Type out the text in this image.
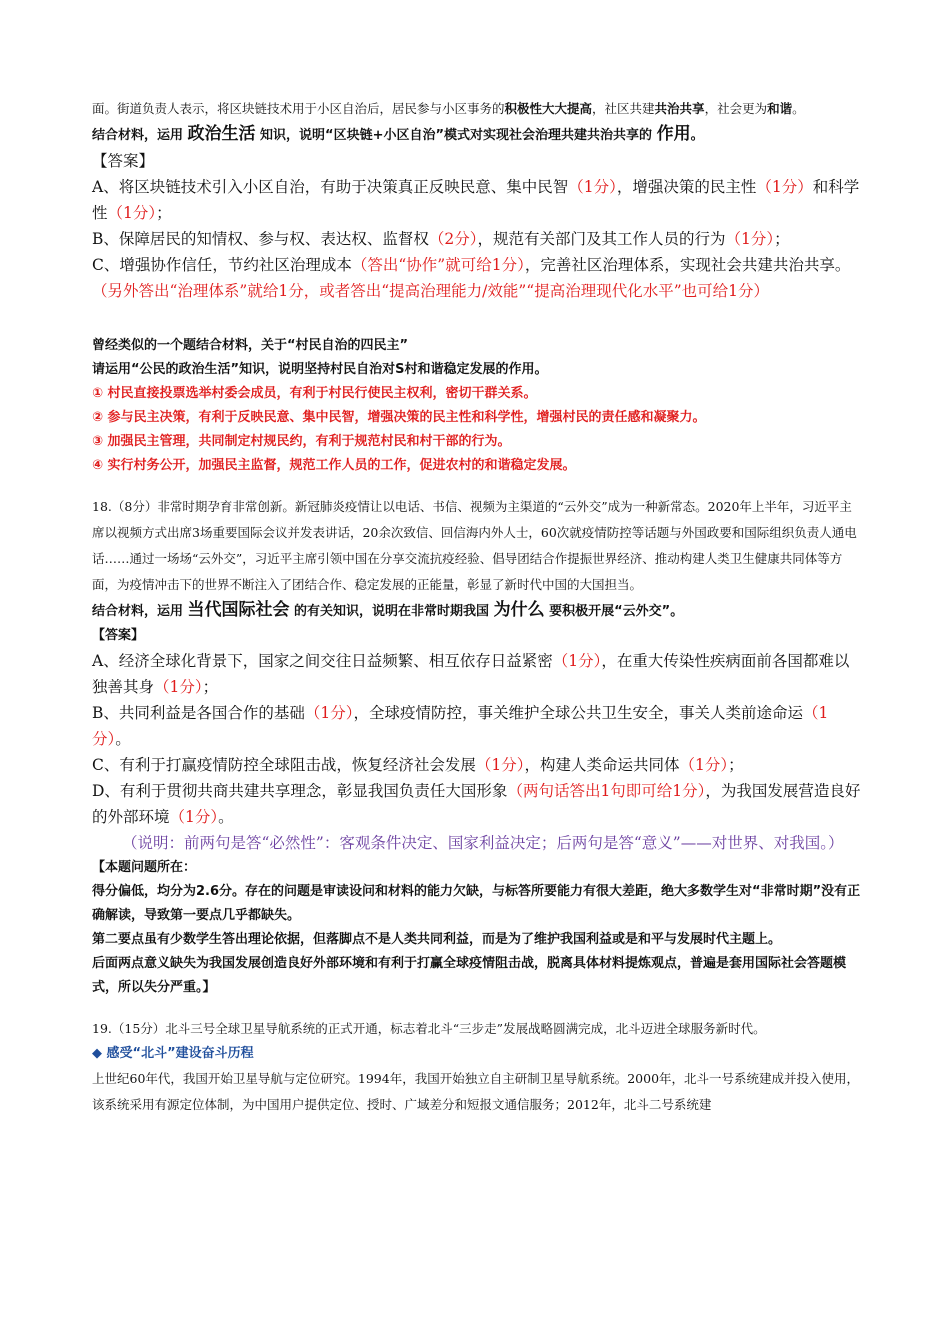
面。街道负责人表示，将区块链技术用于小区自治后，居民参与小区事务的积极性大大提高，社区共建共治共享，社会更为和谐。

结合材料，运用 政治生活 知识，说明“区块链+小区自治”模式对实现社会治理共建共治共享的 作用。

【答案】

A、将区块链技术引入小区自治，有助于决策真正反映民意、集中民智（1分），增强决策的民主性（1分）和科学性（1分）；

B、保障居民的知情权、参与权、表达权、监督权（2分），规范有关部门及其工作人员的行为（1分）；

C、增强协作信任，节约社区治理成本（答出“协作”就可给1分），完善社区治理体系，实现社会共建共治共享。（另外答出“治理体系”就给1分，或者答出“提高治理能力/效能”“提高治理现代化水平”也可给1分）

曾经类似的一个题结合材料，关于“村民自治的四民主”

请运用“公民的政治生活”知识，说明坚持村民自治对S村和谐稳定发展的作用。

① 村民直接投票选举村委会成员，有利于村民行使民主权利，密切干群关系。

② 参与民主决策，有利于反映民意、集中民智，增强决策的民主性和科学性，增强村民的责任感和凝聚力。

③ 加强民主管理，共同制定村规民约，有利于规范村民和村干部的行为。

④ 实行村务公开，加强民主监督，规范工作人员的工作，促进农村的和谐稳定发展。

18.（8分）非常时期孕育非常创新。新冠肺炎疫情让以电话、书信、视频为主渠道的“云外交”成为一种新常态。2020年上半年，习近平主席以视频方式出席3场重要国际会议并发表讲话，20余次致信、回信海内外人士，60次就疫情防控等话题与外国政要和国际组织负责人通电话……通过一场场“云外交”，习近平主席引领中国在分享交流抗疫经验、倡导团结合作提振世界经济、推动构建人类卫生健康共同体等方面，为疫情冲击下的世界不断注入了团结合作、稳定发展的正能量，彰显了新时代中国的大国担当。

结合材料，运用 当代国际社会 的有关知识，说明在非常时期我国 为什么 要积极开展“云外交”。

【答案】

A、经济全球化背景下，国家之间交往日益频繁、相互依存日益紧密（1分），在重大传染性疾病面前各国都难以独善其身（1分）；

B、共同利益是各国合作的基础（1分），全球疫情防控，事关维护全球公共卫生安全，事关人类前途命运（1分）。

C、有利于打赢疫情防控全球阻击战，恢复经济社会发展（1分），构建人类命运共同体（1分）；

D、有利于贯彻共商共建共享理念，彰显我国负责任大国形象（两句话答出1句即可给1分），为我国发展营造良好的外部环境（1分）。

（说明：前两句是答“必然性”：客观条件决定、国家利益决定；后两句是答“意义”——对世界、对我国。）

【本题问题所在：

得分偏低，均分为2.6分。存在的问题是审读设问和材料的能力欠缺，与标答所要能力有很大差距，绝大多数学生对“非常时期”没有正确解读，导致第一要点几乎都缺失。

第二要点虽有少数学生答出理论依据，但落脚点不是人类共同利益，而是为了维护我国利益或是和平与发展时代主题上。

后面两点意义缺失为我国发展创造良好外部环境和有利于打赢全球疫情阻击战，脱离具体材料提炼观点，普遍是套用国际社会答题模式，所以失分严重。】

19.（15分）北斗三号全球卫星导航系统的正式开通，标志着北斗“三步走”发展战略圆满完成，北斗迈进全球服务新时代。

◆ 感受“北斗”建设奋斗历程

上世纪60年代，我国开始卫星导航与定位研究。1994年，我国开始独立自主研制卫星导航系统。2000年，北斗一号系统建成并投入使用，该系统采用有源定位体制，为中国用户提供定位、授时、广域差分和短报文通信服务；2012年，北斗二号系统建
